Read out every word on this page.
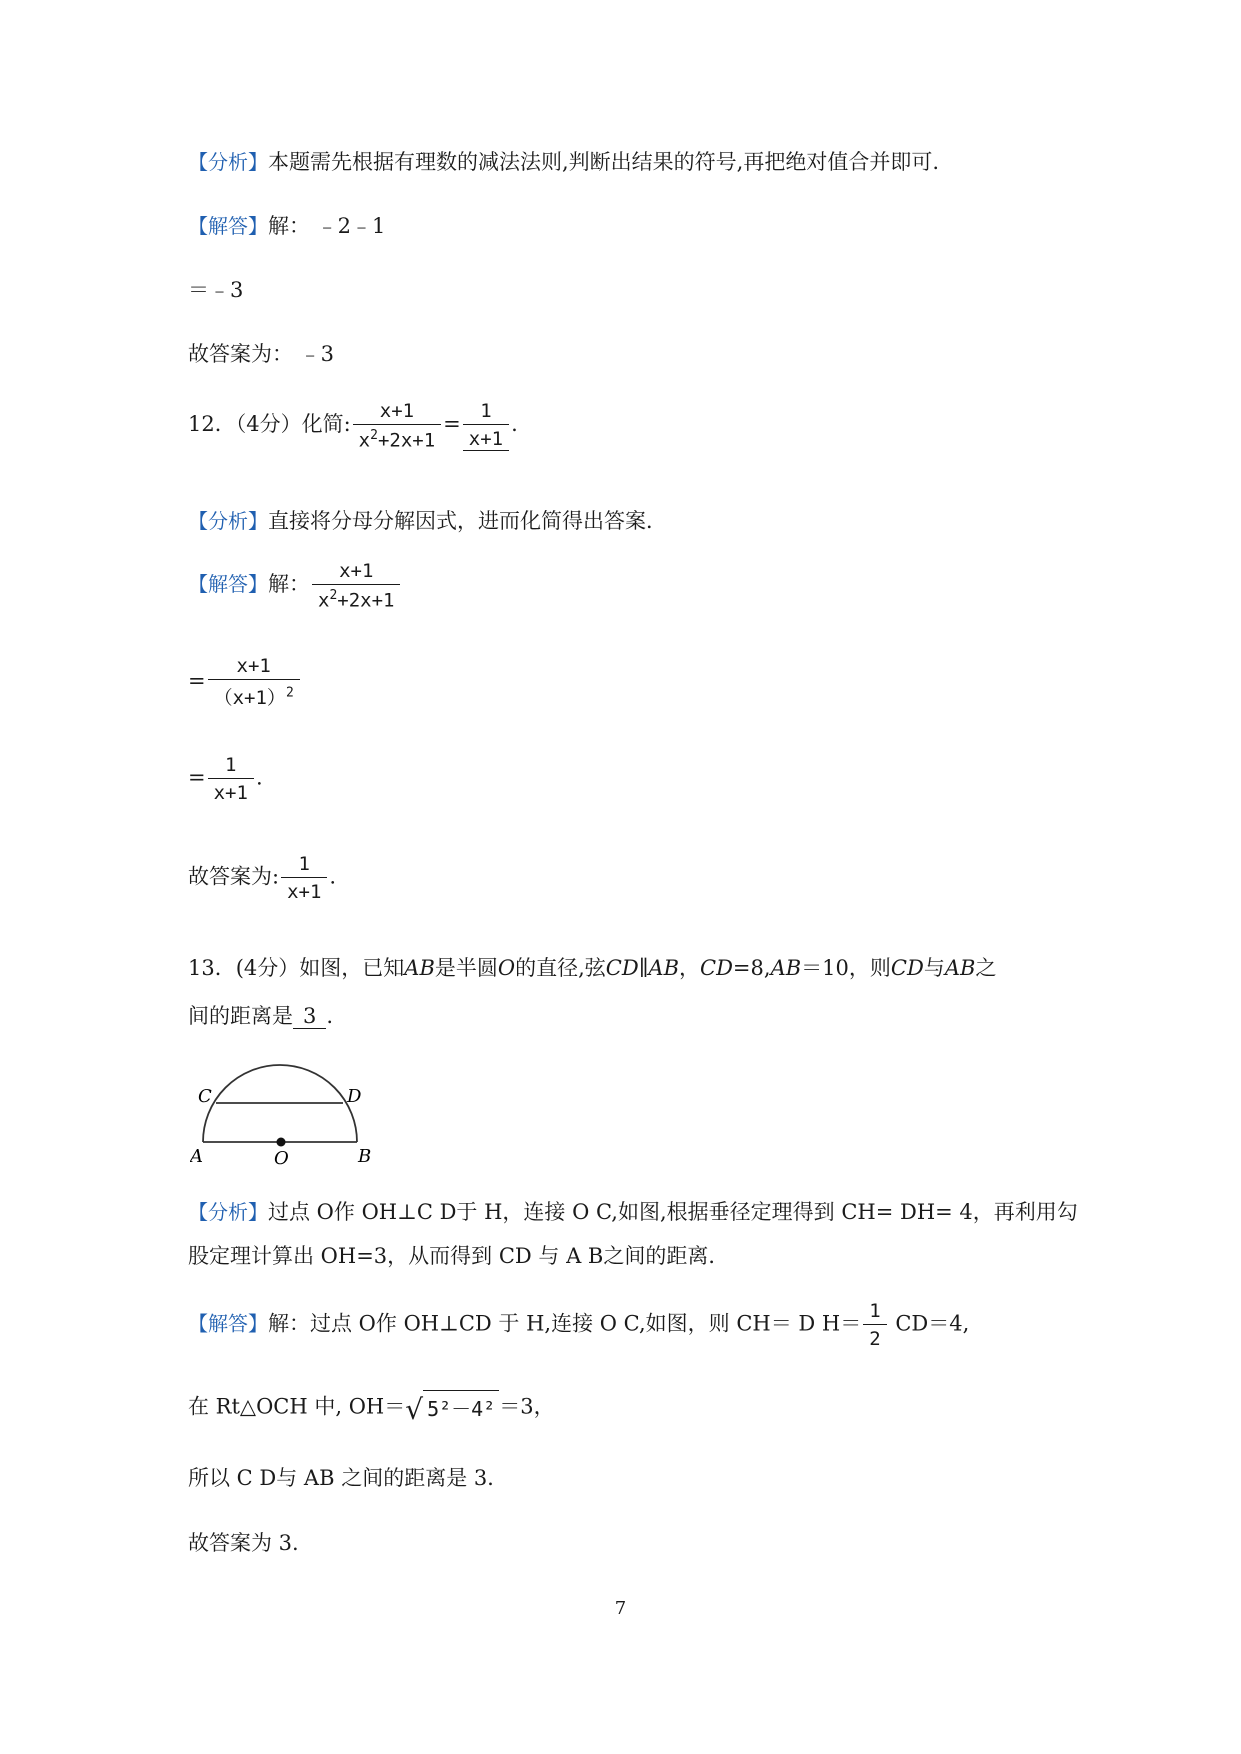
【分析】本题需先根据有理数的减法法则,判断出结果的符号,再把绝对值合并即可.
【解答】解： ﹣2﹣1
＝﹣3
故答案为： ﹣3
12．（4分）化简: $\frac{x+1}{x^2+2x+1} = \frac{1}{x+1}$ .
【分析】直接将分母分解因式，进而化简得出答案．
【解答】解： $\frac{x+1}{x^2+2x+1}$
= $\frac{x+1}{(x+1)^2}$
= $\frac{1}{x+1}$ .
故答案为: $\frac{1}{x+1}$ .
13．(4分）如图，已知AB是半圆O的直径,弦CD∥AB，CD=8,AB＝10，则CD与AB之
间的距离是 3 .
C	D
A	O	B
【分析】过点 O作 OH⊥C D于 H，连接 O C,如图,根据垂径定理得到 CH= DH= 4，再利用勾
股定理计算出 OH=3，从而得到 CD 与 A B之间的距离．
【解答】解：过点 O作 OH⊥CD 于 H,连接 O C,如图，则 CH＝ D $H= \frac{1}{2} CD=4$,
在 Rt△OCH 中, OH＝√ 5²－4² ＝3，
所以 C D与 AB 之间的距离是 3．
故答案为 3.
7
